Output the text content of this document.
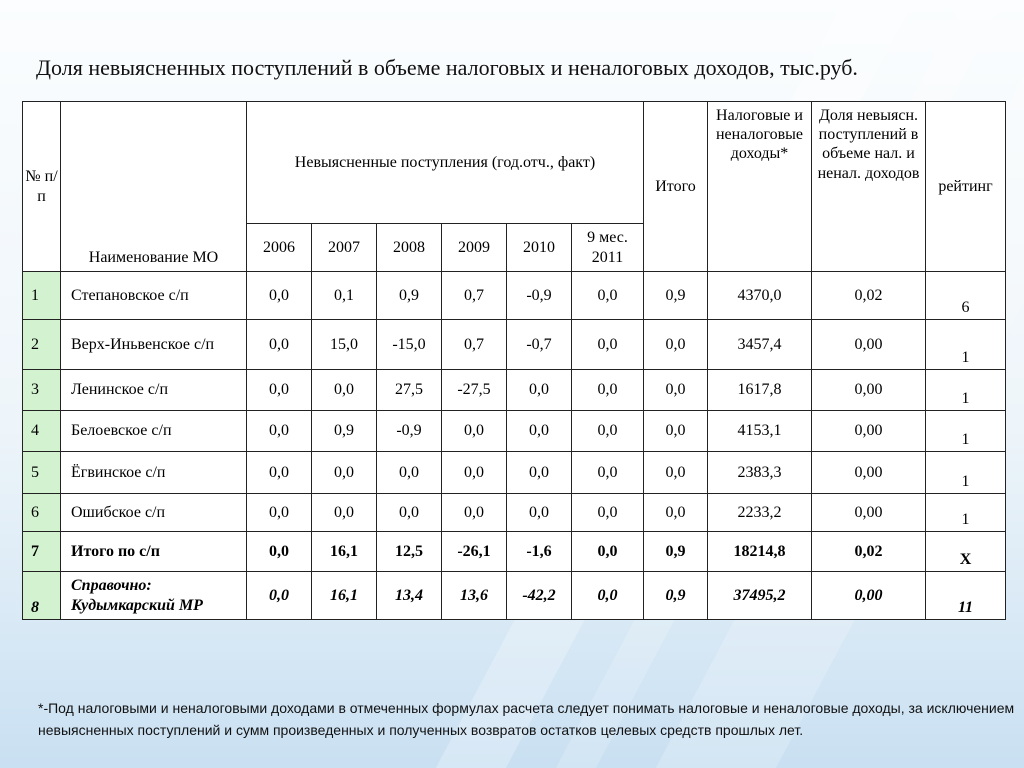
Доля невыясненных поступлений в объеме налоговых и неналоговых доходов, тыс.руб.
№ п/п	Наименование МО	Невыясненные поступления (год.отч., факт)						Итого	Налоговые и неналоговые доходы*	Доля невыясн. поступлений в объеме нал. и ненал. доходов	рейтинг
		2006	2007	2008	2009	2010	9 мес. 2011				
1	Степановское с/п	0,0	0,1	0,9	0,7	-0,9	0,0	0,9	4370,0	0,02	6
2	Верх-Иньвенское с/п	0,0	15,0	-15,0	0,7	-0,7	0,0	0,0	3457,4	0,00	1
3	Ленинское с/п	0,0	0,0	27,5	-27,5	0,0	0,0	0,0	1617,8	0,00	1
4	Белоевское с/п	0,0	0,9	-0,9	0,0	0,0	0,0	0,0	4153,1	0,00	1
5	Ёгвинское с/п	0,0	0,0	0,0	0,0	0,0	0,0	0,0	2383,3	0,00	1
6	Ошибское с/п	0,0	0,0	0,0	0,0	0,0	0,0	0,0	2233,2	0,00	1
7	Итого по с/п	0,0	16,1	12,5	-26,1	-1,6	0,0	0,9	18214,8	0,02	Х
8	Справочно: Кудымкарский МР	0,0	16,1	13,4	13,6	-42,2	0,0	0,9	37495,2	0,00	11

*-Под налоговыми и неналоговыми доходами в отмеченных формулах расчета следует понимать налоговые и неналоговые доходы, за исключением невыясненных поступлений и сумм произведенных и полученных возвратов остатков целевых средств прошлых лет.
